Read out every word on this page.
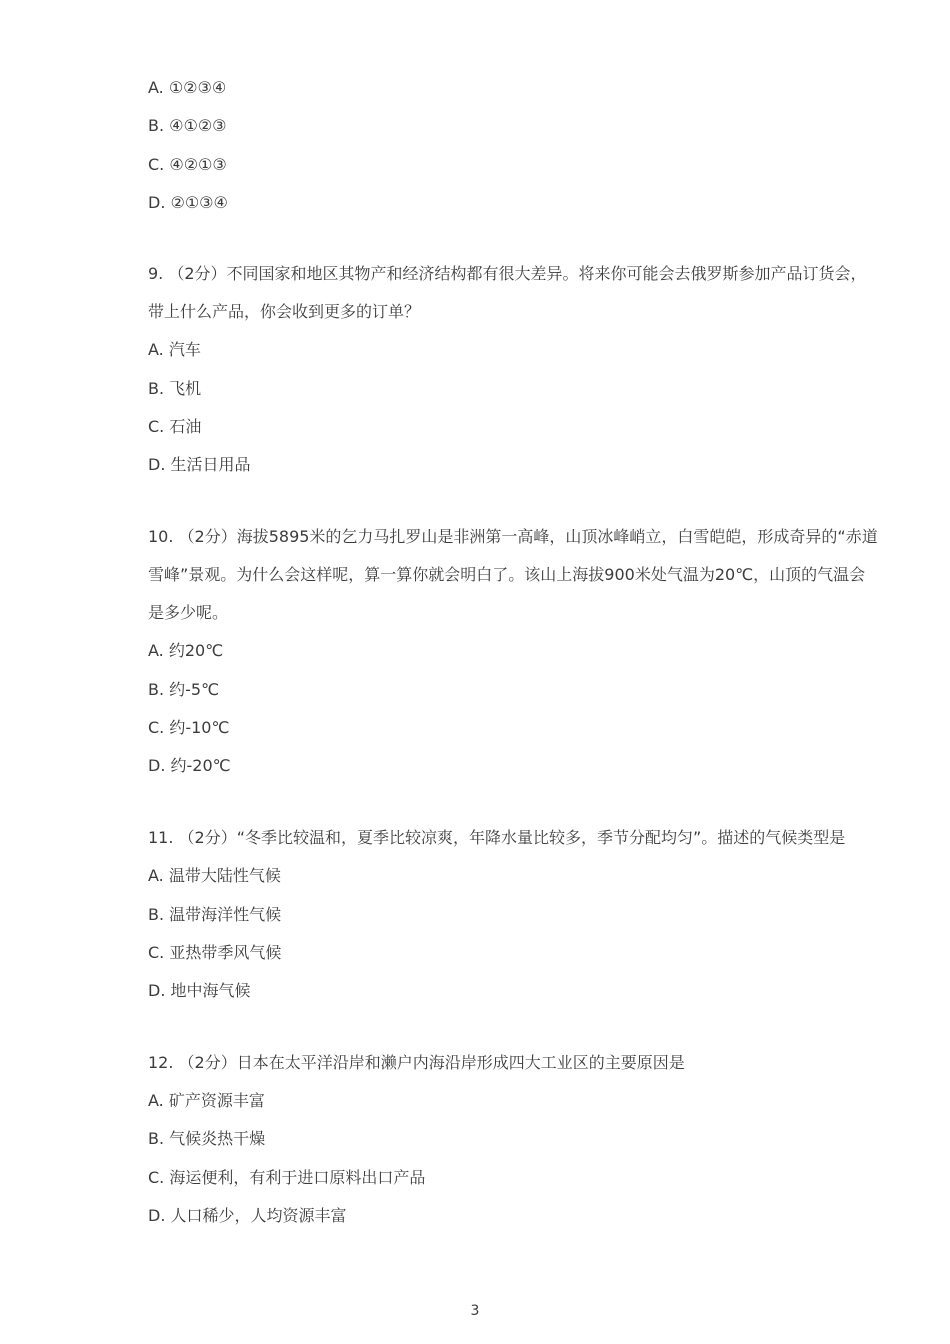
A. ①②③④
B. ④①②③
C. ④②①③
D. ②①③④
9. （2分）不同国家和地区其物产和经济结构都有很大差异。将来你可能会去俄罗斯参加产品订货会，
带上什么产品，你会收到更多的订单？
A. 汽车
B. 飞机
C. 石油
D. 生活日用品
10. （2分）海拔5895米的乞力马扎罗山是非洲第一高峰，山顶冰峰峭立，白雪皑皑，形成奇异的“赤道
雪峰”景观。为什么会这样呢，算一算你就会明白了。该山上海拔900米处气温为20℃，山顶的气温会
是多少呢。
A. 约20℃
B. 约-5℃
C. 约-10℃
D. 约-20℃
11. （2分）“冬季比较温和，夏季比较凉爽，年降水量比较多，季节分配均匀”。描述的气候类型是
A. 温带大陆性气候
B. 温带海洋性气候
C. 亚热带季风气候
D. 地中海气候
12. （2分）日本在太平洋沿岸和濑户内海沿岸形成四大工业区的主要原因是
A. 矿产资源丰富
B. 气候炎热干燥
C. 海运便利，有利于进口原料出口产品
D. 人口稀少，人均资源丰富
3
